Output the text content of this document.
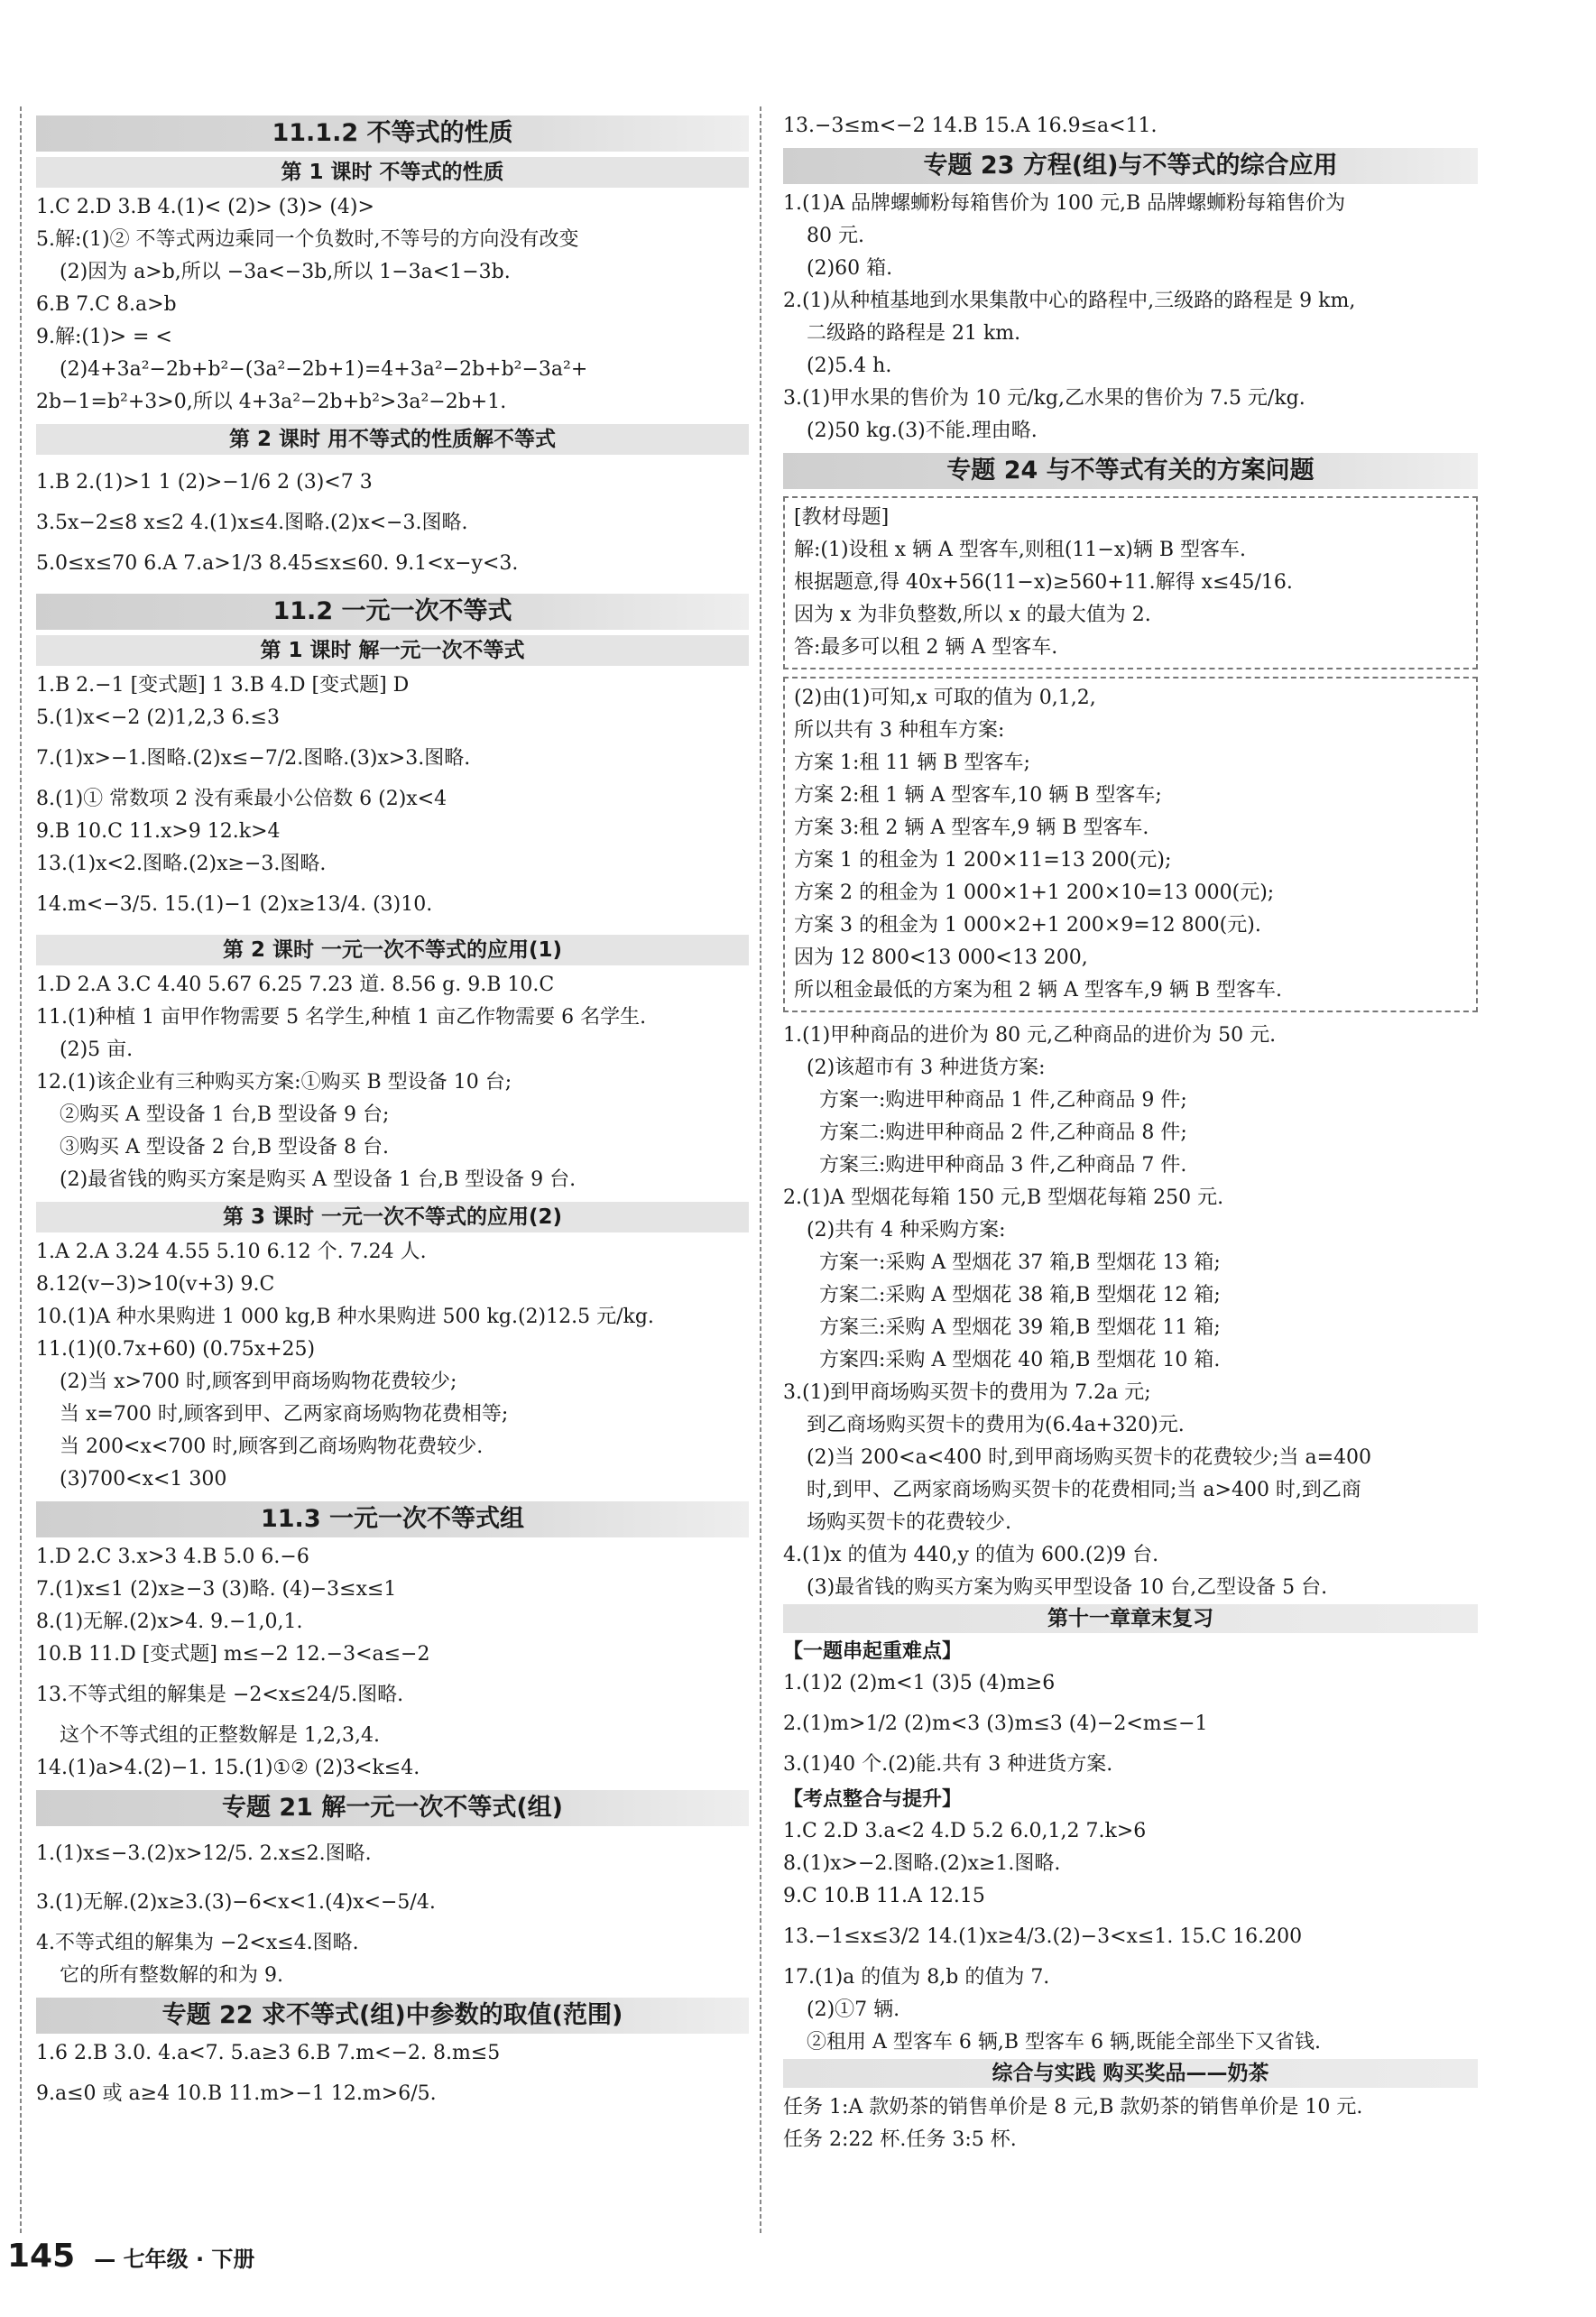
11.1.2 不等式的性质
第 1 课时 不等式的性质
1.C 2.D 3.B 4.(1)< (2)> (3)> (4)>
5.解:(1)② 不等式两边乘同一个负数时,不等号的方向没有改变
(2)因为 a>b,所以 −3a<−3b,所以 1−3a<1−3b.
6.B 7.C 8.a>b
9.解:(1)> = <
(2)4+3a²−2b+b²−(3a²−2b+1)=4+3a²−2b+b²−3a²+
2b−1=b²+3>0,所以 4+3a²−2b+b²>3a²−2b+1.
第 2 课时 用不等式的性质解不等式
1.B 2.(1)>1 1 (2)>−1/6 2 (3)<7 3
3.5x−2≤8 x≤2 4.(1)x≤4.图略.(2)x<−3.图略.
5.0≤x≤70 6.A 7.a>1/3 8.45≤x≤60. 9.1<x−y<3.
11.2 一元一次不等式
第 1 课时 解一元一次不等式
1.B 2.−1 [变式题] 1 3.B 4.D [变式题] D
5.(1)x<−2 (2)1,2,3 6.≤3
7.(1)x>−1.图略.(2)x≤−7/2.图略.(3)x>3.图略.
8.(1)① 常数项 2 没有乘最小公倍数 6 (2)x<4
9.B 10.C 11.x>9 12.k>4
13.(1)x<2.图略.(2)x≥−3.图略.
14.m<−3/5. 15.(1)−1 (2)x≥13/4. (3)10.
第 2 课时 一元一次不等式的应用(1)
1.D 2.A 3.C 4.40 5.67 6.25 7.23 道. 8.56 g. 9.B 10.C
11.(1)种植 1 亩甲作物需要 5 名学生,种植 1 亩乙作物需要 6 名学生.
(2)5 亩.
12.(1)该企业有三种购买方案:①购买 B 型设备 10 台;
②购买 A 型设备 1 台,B 型设备 9 台;
③购买 A 型设备 2 台,B 型设备 8 台.
(2)最省钱的购买方案是购买 A 型设备 1 台,B 型设备 9 台.
第 3 课时 一元一次不等式的应用(2)
1.A 2.A 3.24 4.55 5.10 6.12 个. 7.24 人.
8.12(v−3)>10(v+3) 9.C
10.(1)A 种水果购进 1 000 kg,B 种水果购进 500 kg.(2)12.5 元/kg.
11.(1)(0.7x+60) (0.75x+25)
(2)当 x>700 时,顾客到甲商场购物花费较少;
当 x=700 时,顾客到甲、乙两家商场购物花费相等;
当 200<x<700 时,顾客到乙商场购物花费较少.
(3)700<x<1 300
11.3 一元一次不等式组
1.D 2.C 3.x>3 4.B 5.0 6.−6
7.(1)x≤1 (2)x≥−3 (3)略. (4)−3≤x≤1
8.(1)无解.(2)x>4. 9.−1,0,1.
10.B 11.D [变式题] m≤−2 12.−3<a≤−2
13.不等式组的解集是 −2<x≤24/5.图略.
这个不等式组的正整数解是 1,2,3,4.
14.(1)a>4.(2)−1. 15.(1)①② (2)3<k≤4.
专题 21 解一元一次不等式(组)
1.(1)x≤−3.(2)x>12/5. 2.x≤2.图略.
3.(1)无解.(2)x≥3.(3)−6<x<1.(4)x<−5/4.
4.不等式组的解集为 −2<x≤4.图略.
它的所有整数解的和为 9.
专题 22 求不等式(组)中参数的取值(范围)
1.6 2.B 3.0. 4.a<7. 5.a≥3 6.B 7.m<−2. 8.m≤5
9.a≤0 或 a≥4 10.B 11.m>−1 12.m>6/5.
13.−3≤m<−2 14.B 15.A 16.9≤a<11.
专题 23 方程(组)与不等式的综合应用
1.(1)A 品牌螺蛳粉每箱售价为 100 元,B 品牌螺蛳粉每箱售价为
80 元.
(2)60 箱.
2.(1)从种植基地到水果集散中心的路程中,三级路的路程是 9 km,
二级路的路程是 21 km.
(2)5.4 h.
3.(1)甲水果的售价为 10 元/kg,乙水果的售价为 7.5 元/kg.
(2)50 kg.(3)不能.理由略.
专题 24 与不等式有关的方案问题
[教材母题]
解:(1)设租 x 辆 A 型客车,则租(11−x)辆 B 型客车.
根据题意,得 40x+56(11−x)≥560+11.解得 x≤45/16.
因为 x 为非负整数,所以 x 的最大值为 2.
答:最多可以租 2 辆 A 型客车.
(2)由(1)可知,x 可取的值为 0,1,2,
所以共有 3 种租车方案:
方案 1:租 11 辆 B 型客车;
方案 2:租 1 辆 A 型客车,10 辆 B 型客车;
方案 3:租 2 辆 A 型客车,9 辆 B 型客车.
方案 1 的租金为 1 200×11=13 200(元);
方案 2 的租金为 1 000×1+1 200×10=13 000(元);
方案 3 的租金为 1 000×2+1 200×9=12 800(元).
因为 12 800<13 000<13 200,
所以租金最低的方案为租 2 辆 A 型客车,9 辆 B 型客车.
1.(1)甲种商品的进价为 80 元,乙种商品的进价为 50 元.
(2)该超市有 3 种进货方案:
方案一:购进甲种商品 1 件,乙种商品 9 件;
方案二:购进甲种商品 2 件,乙种商品 8 件;
方案三:购进甲种商品 3 件,乙种商品 7 件.
2.(1)A 型烟花每箱 150 元,B 型烟花每箱 250 元.
(2)共有 4 种采购方案:
方案一:采购 A 型烟花 37 箱,B 型烟花 13 箱;
方案二:采购 A 型烟花 38 箱,B 型烟花 12 箱;
方案三:采购 A 型烟花 39 箱,B 型烟花 11 箱;
方案四:采购 A 型烟花 40 箱,B 型烟花 10 箱.
3.(1)到甲商场购买贺卡的费用为 7.2a 元;
到乙商场购买贺卡的费用为(6.4a+320)元.
(2)当 200<a<400 时,到甲商场购买贺卡的花费较少;当 a=400
时,到甲、乙两家商场购买贺卡的花费相同;当 a>400 时,到乙商
场购买贺卡的花费较少.
4.(1)x 的值为 440,y 的值为 600.(2)9 台.
(3)最省钱的购买方案为购买甲型设备 10 台,乙型设备 5 台.
第十一章章末复习
【一题串起重难点】
1.(1)2 (2)m<1 (3)5 (4)m≥6
2.(1)m>1/2 (2)m<3 (3)m≤3 (4)−2<m≤−1
3.(1)40 个.(2)能.共有 3 种进货方案.
【考点整合与提升】
1.C 2.D 3.a<2 4.D 5.2 6.0,1,2 7.k>6
8.(1)x>−2.图略.(2)x≥1.图略.
9.C 10.B 11.A 12.15
13.−1≤x≤3/2 14.(1)x≥4/3.(2)−3<x≤1. 15.C 16.200
17.(1)a 的值为 8,b 的值为 7.
(2)①7 辆.
②租用 A 型客车 6 辆,B 型客车 6 辆,既能全部坐下又省钱.
综合与实践 购买奖品——奶茶
任务 1:A 款奶茶的销售单价是 8 元,B 款奶茶的销售单价是 10 元.
任务 2:22 杯.任务 3:5 杯.
145 — 七年级 · 下册
